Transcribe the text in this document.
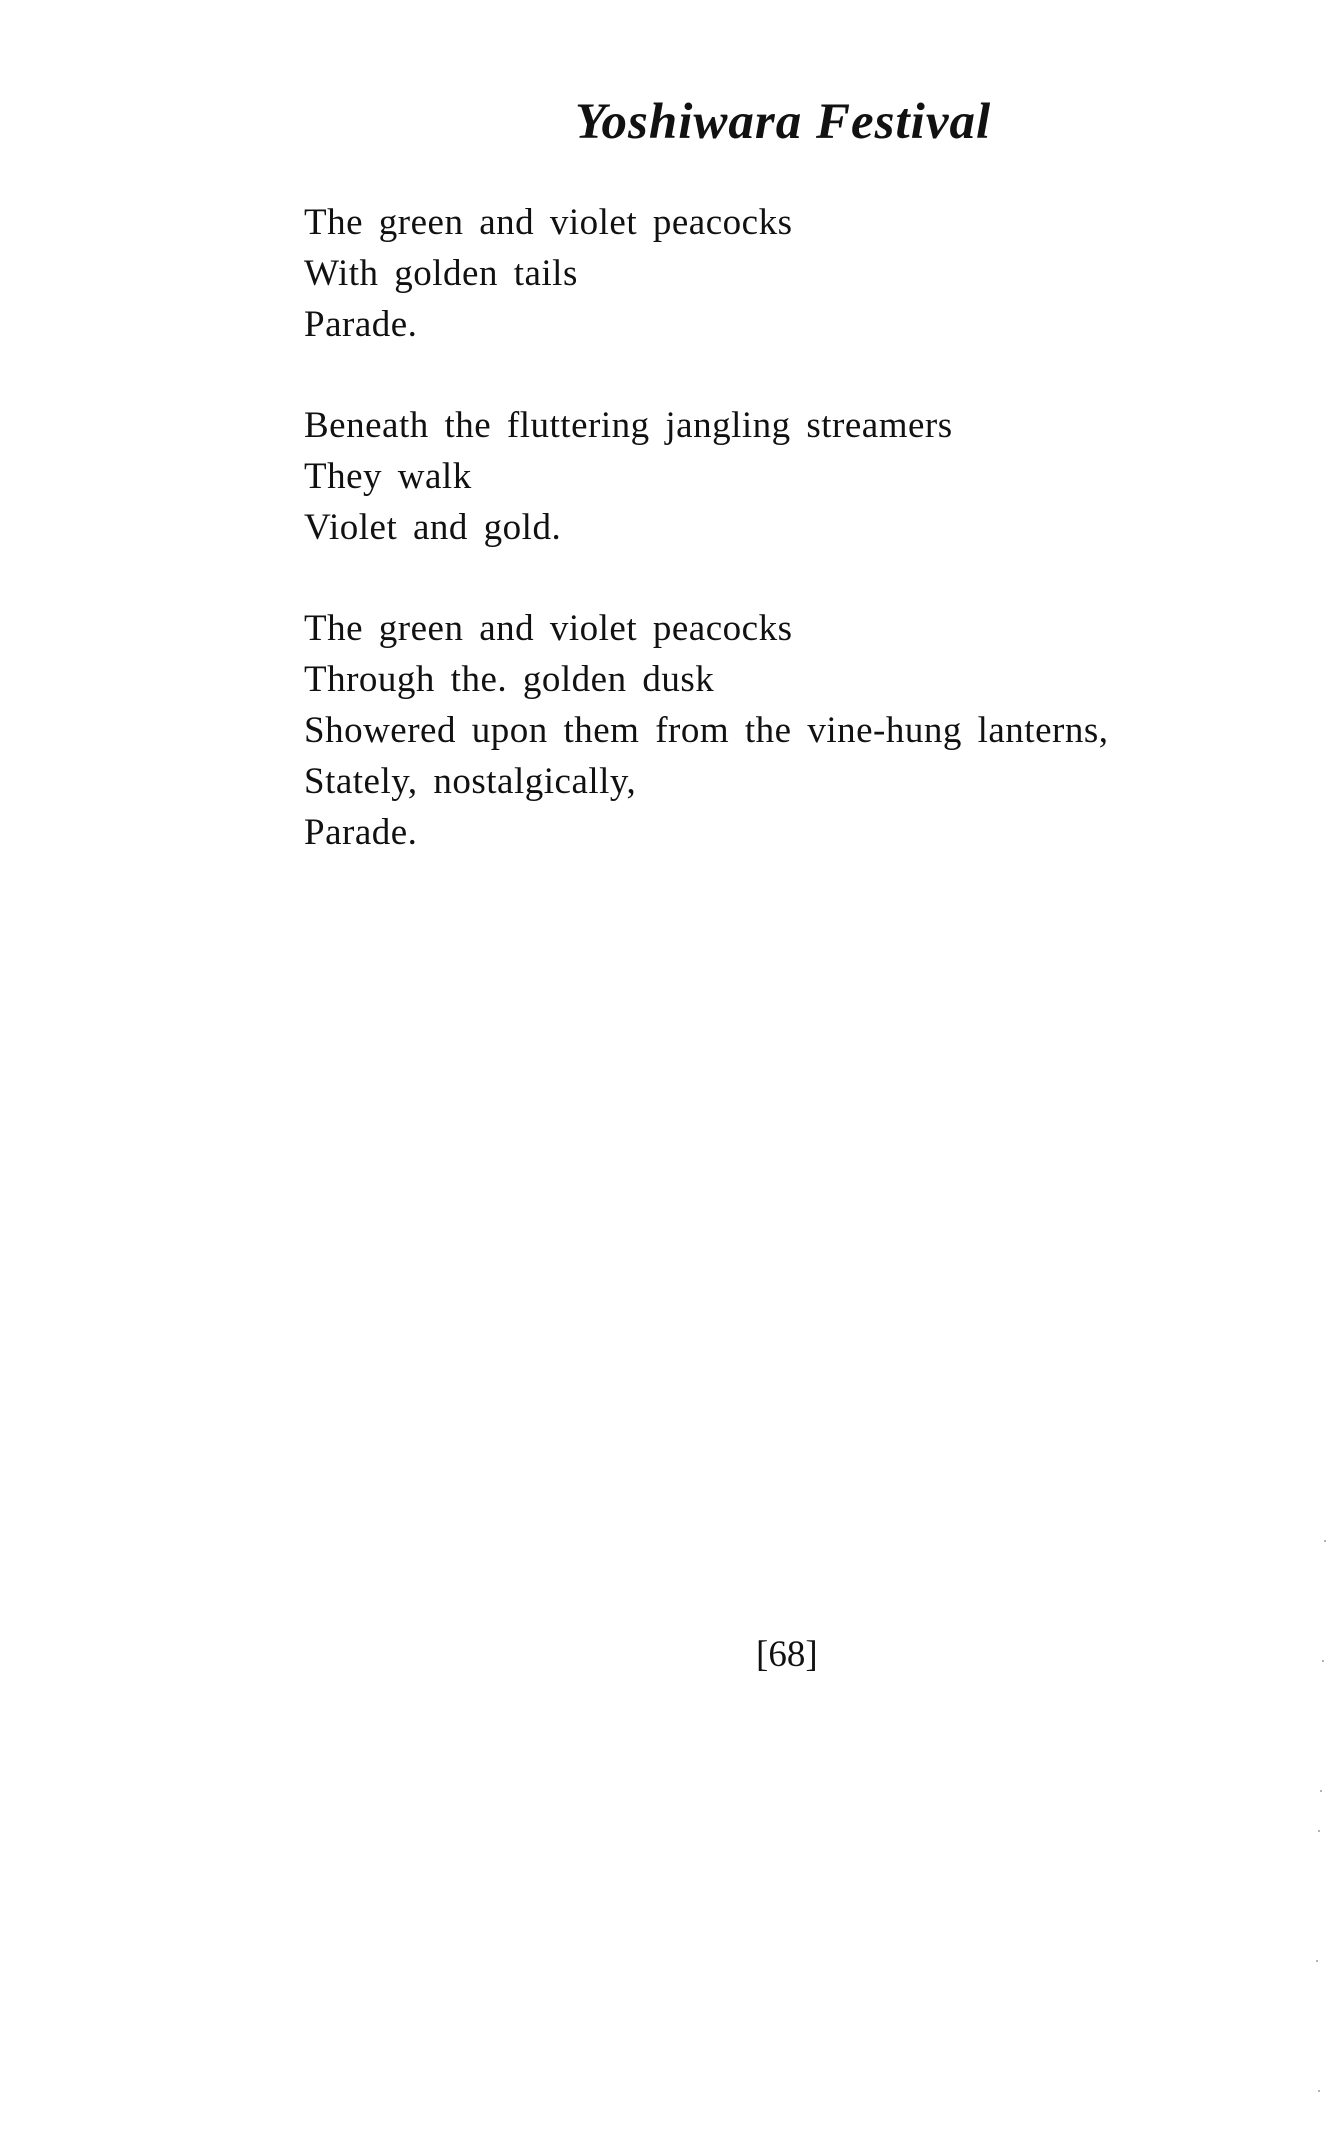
Yoshiwara Festival
The green and violet peacocks
With golden tails
Parade.
Beneath the fluttering jangling streamers
They walk
Violet and gold.
The green and violet peacocks
Through the. golden dusk
Showered upon them from the vine-hung lanterns,
Stately, nostalgically,
Parade.

[68]
